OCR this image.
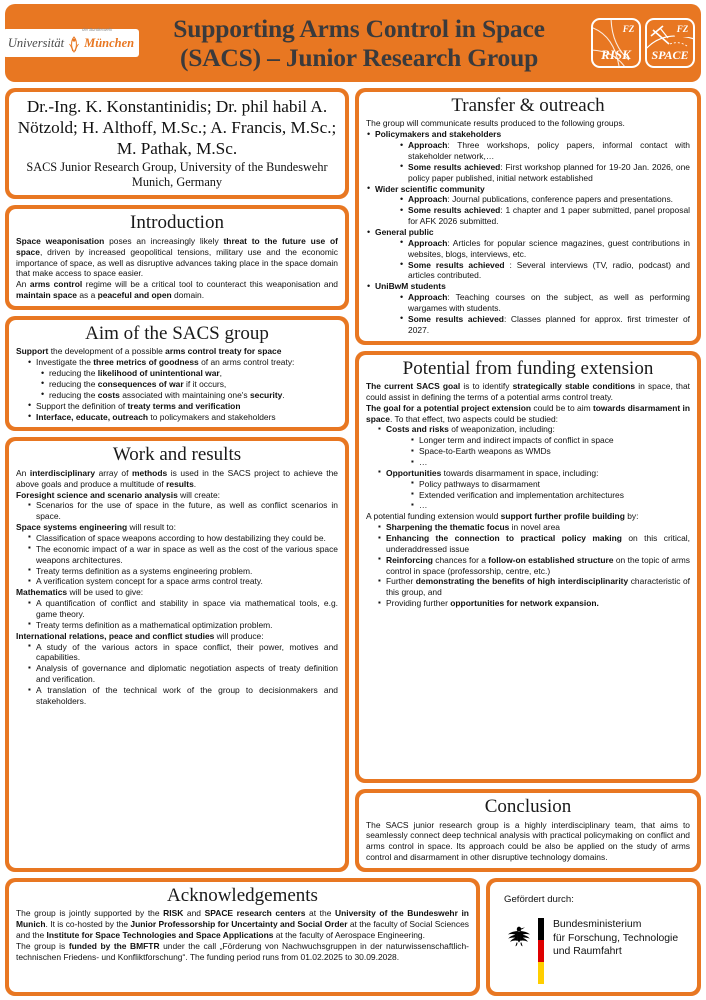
Universität
der Bundeswehr
München
Supporting Arms Control in Space
(SACS) – Junior Research Group
FZ
RISK
FZ
SPACE
Dr.-Ing. K. Konstantinidis; Dr. phil habil A. Nötzold; H. Althoff, M.Sc.; A. Francis, M.Sc.; M. Pathak, M.Sc.
SACS Junior Research Group, University of the Bundeswehr Munich, Germany
Introduction

Space weaponisation poses an increasingly likely threat to the future use of space, driven by increased geopolitical tensions, military use and the economic importance of space, as well as disruptive advances taking place in the space domain that make access to space easier.

An arms control regime will be a critical tool to counteract this weaponisation and maintain space as a peaceful and open domain.

Aim of the SACS group

Support the development of a possible arms control treaty for space

• Investigate the three metrics of goodness of an arms control treaty:
• reducing the likelihood of unintentional war,
• reducing the consequences of war if it occurs,
• reducing the costs associated with maintaining one's security.
• Support the definition of treaty terms and verification
• Interface, educate, outreach to policymakers and stakeholders
Work and results

An interdisciplinary array of methods is used in the SACS project to achieve the above goals and produce a multitude of results.

Foresight science and scenario analysis will create:

▪ Scenarios for the use of space in the future, as well as conflict scenarios in space.

Space systems engineering will result to:

▪ Classification of space weapons according to how destabilizing they could be.
▪ The economic impact of a war in space as well as the cost of the various space weapons architectures.
▪ Treaty terms definition as a systems engineering problem.
▪ A verification system concept for a space arms control treaty.

Mathematics will be used to give:

▪ A quantification of conflict and stability in space via mathematical tools, e.g. game theory.
▪ Treaty terms definition as a mathematical optimization problem.

International relations, peace and conflict studies will produce:

▪ A study of the various actors in space conflict, their power, motives and capabilities.
▪ Analysis of governance and diplomatic negotiation aspects of treaty definition and verification.
▪ A translation of the technical work of the group to decisionmakers and stakeholders.
Transfer & outreach

The group will communicate results produced to the following groups.

• Policymakers and stakeholders
• Approach: Three workshops, policy papers, informal contact with stakeholder network,…
• Some results achieved: First workshop planned for 19-20 Jan. 2026, one policy paper published, initial network established
• Wider scientific community
• Approach: Journal publications, conference papers and presentations.
• Some results achieved: 1 chapter and 1 paper submitted, panel proposal for AFK 2026 submitted.
• General public
• Approach: Articles for popular science magazines, guest contributions in websites, blogs, interviews, etc.
• Some results achieved : Several interviews (TV, radio, podcast) and articles contributed.
• UniBwM students
• Approach: Teaching courses on the subject, as well as performing wargames with students.
• Some results achieved: Classes planned for approx. first trimester of 2027.
Potential from funding extension

The current SACS goal is to identify strategically stable conditions in space, that could assist in defining the terms of a potential arms control treaty.

The goal for a potential project extension could be to aim towards disarmament in space. To that effect, two aspects could be studied:

▪ Costs and risks of weaponization, including:
▪ Longer term and indirect impacts of conflict in space
▪ Space-to-Earth weapons as WMDs
▪ …
▪ Opportunities towards disarmament in space, including:
▪ Policy pathways to disarmament
▪ Extended verification and implementation architectures
▪ …

A potential funding extension would support further profile building by:

▪ Sharpening the thematic focus in novel area
▪ Enhancing the connection to practical policy making on this critical, underaddressed issue
▪ Reinforcing chances for a follow-on established structure on the topic of arms control in space (professorship, centre, etc.)
▪ Further demonstrating the benefits of high interdisciplinarity characteristic of this group, and
▪ Providing further opportunities for network expansion.
Conclusion
The SACS junior research group is a highly interdisciplinary team, that aims to seamlessly connect deep technical analysis with practical policymaking on conflict and arms control in space. Its approach could be also be applied on the study of arms control and disarmament in other disruptive technology domains.
Acknowledgements

The group is jointly supported by the RISK and SPACE research centers at the University of the Bundeswehr in Munich. It is co-hosted by the Junior Professorship for Uncertainty and Social Order at the faculty of Social Sciences and the Institute for Space Technologies and Space Applications at the faculty of Aerospace Engineering.

The group is funded by the BMFTR under the call „Förderung von Nachwuchsgruppen in der naturwissenschaftlich-technischen Friedens- und Konfliktforschung“. The funding period runs from 01.02.2025 to 30.09.2028.

Gefördert durch:
Bundesministerium
für Forschung, Technologie
und Raumfahrt
